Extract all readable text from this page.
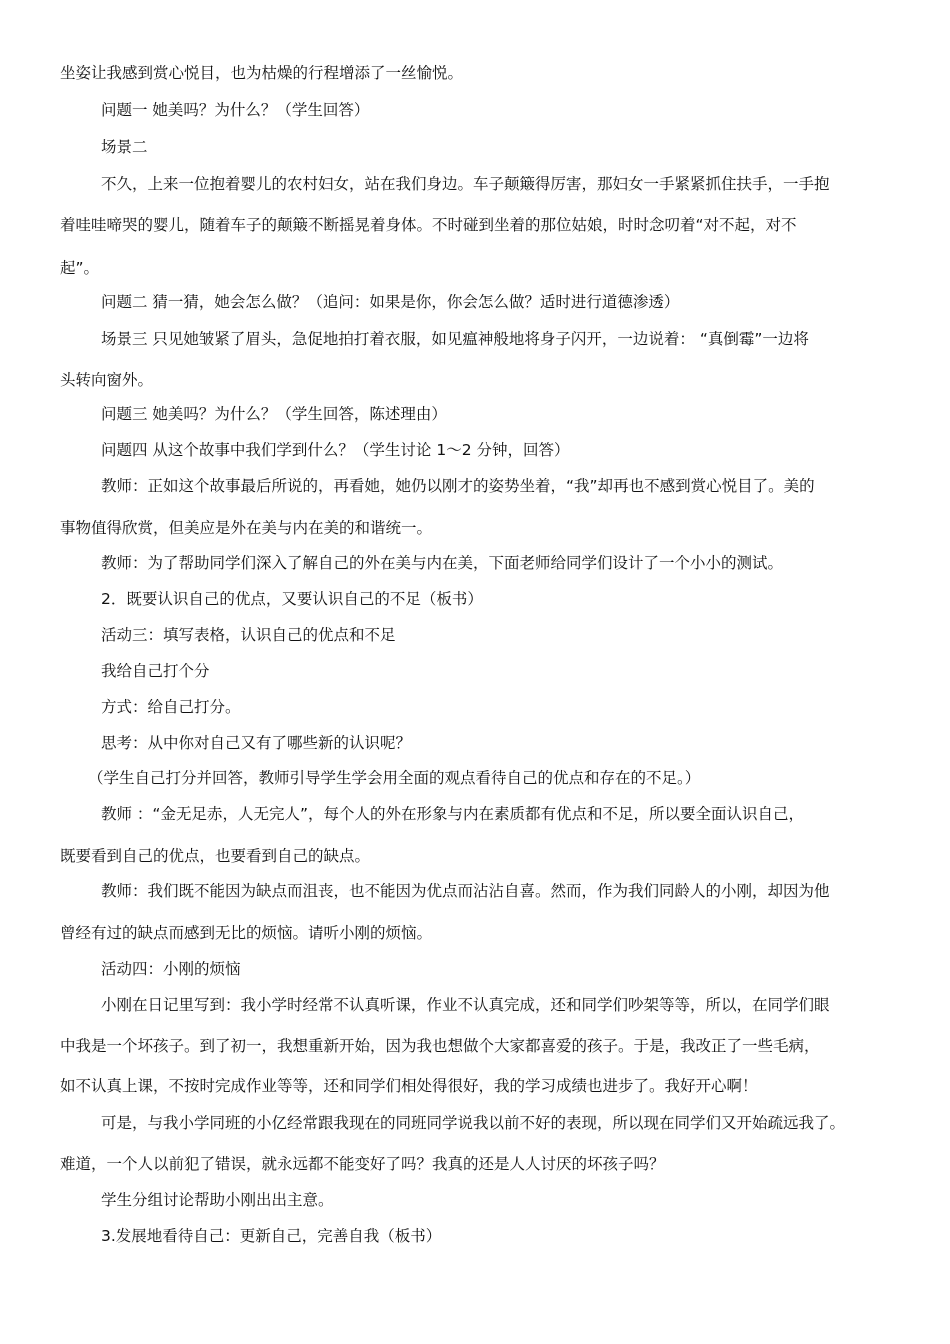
坐姿让我感到赏心悦目，也为枯燥的行程增添了一丝愉悦。
问题一 她美吗？为什么？（学生回答）
场景二
不久，上来一位抱着婴儿的农村妇女，站在我们身边。车子颠簸得厉害，那妇女一手紧紧抓住扶手，一手抱
着哇哇啼哭的婴儿，随着车子的颠簸不断摇晃着身体。不时碰到坐着的那位姑娘，时时念叨着“对不起，对不
起”。
问题二 猜一猜，她会怎么做？（追问：如果是你，你会怎么做？适时进行道德渗透）
场景三 只见她皱紧了眉头，急促地拍打着衣服，如见瘟神般地将身子闪开，一边说着： “真倒霉”一边将
头转向窗外。
问题三 她美吗？为什么？（学生回答，陈述理由）
问题四 从这个故事中我们学到什么？（学生讨论 1～2 分钟，回答）
教师：正如这个故事最后所说的，再看她，她仍以刚才的姿势坐着，“我”却再也不感到赏心悦目了。美的
事物值得欣赏，但美应是外在美与内在美的和谐统一。
教师：为了帮助同学们深入了解自己的外在美与内在美，下面老师给同学们设计了一个小小的测试。
2．既要认识自己的优点，又要认识自己的不足（板书）
活动三：填写表格，认识自己的优点和不足
我给自己打个分
方式：给自己打分。
思考：从中你对自己又有了哪些新的认识呢？
（学生自己打分并回答，教师引导学生学会用全面的观点看待自己的优点和存在的不足。）
教师 ：“金无足赤，人无完人”，每个人的外在形象与内在素质都有优点和不足，所以要全面认识自己，
既要看到自己的优点，也要看到自己的缺点。
教师：我们既不能因为缺点而沮丧，也不能因为优点而沾沾自喜。然而，作为我们同龄人的小刚，却因为他
曾经有过的缺点而感到无比的烦恼。请听小刚的烦恼。
活动四：小刚的烦恼
小刚在日记里写到：我小学时经常不认真听课，作业不认真完成，还和同学们吵架等等，所以，在同学们眼
中我是一个坏孩子。到了初一，我想重新开始，因为我也想做个大家都喜爱的孩子。于是，我改正了一些毛病，
如不认真上课，不按时完成作业等等，还和同学们相处得很好，我的学习成绩也进步了。我好开心啊！
可是，与我小学同班的小亿经常跟我现在的同班同学说我以前不好的表现，所以现在同学们又开始疏远我了。
难道，一个人以前犯了错误，就永远都不能变好了吗？我真的还是人人讨厌的坏孩子吗？
学生分组讨论帮助小刚出出主意。
3.发展地看待自己：更新自己，完善自我（板书）
